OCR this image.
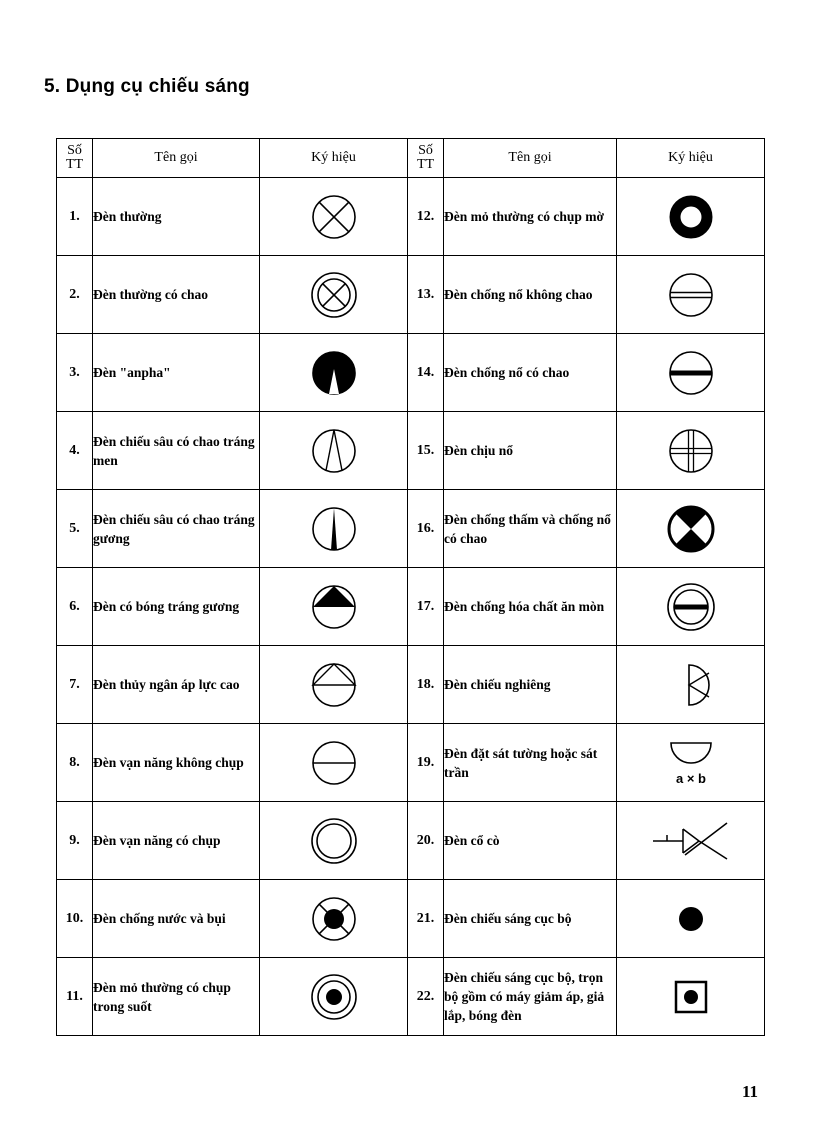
5. Dụng cụ chiếu sáng
Số TT	Tên gọi	Ký hiệu	Số TT	Tên gọi	Ký hiệu
1.	Đèn thường		12.	Đèn mỏ thường có chụp mờ	

2.	Đèn thường có chao		13.	Đèn chống nổ không chao	

3.	Đèn "anpha"		14.	Đèn chống nổ có chao	

4.	Đèn chiếu sâu có chao tráng men		15.	Đèn chịu nổ	

5.	Đèn chiếu sâu có chao tráng gương		16.	Đèn chống thấm và chống nổ có chao	

6.	Đèn có bóng tráng gương		17.	Đèn chống hóa chất ăn mòn	

7.	Đèn thủy ngân áp lực cao		18.	Đèn chiếu nghiêng	

8.	Đèn vạn năng không chụp		19.	Đèn đặt sát tường hoặc sát trần	a × b

9.	Đèn vạn năng có chụp		20.	Đèn cổ cò	

10.	Đèn chống nước và bụi		21.	Đèn chiếu sáng cục bộ	

11.	Đèn mỏ thường có chụp trong suốt		22.	Đèn chiếu sáng cục bộ, trọn bộ gồm có máy giảm áp, giả lắp, bóng đèn	
11
